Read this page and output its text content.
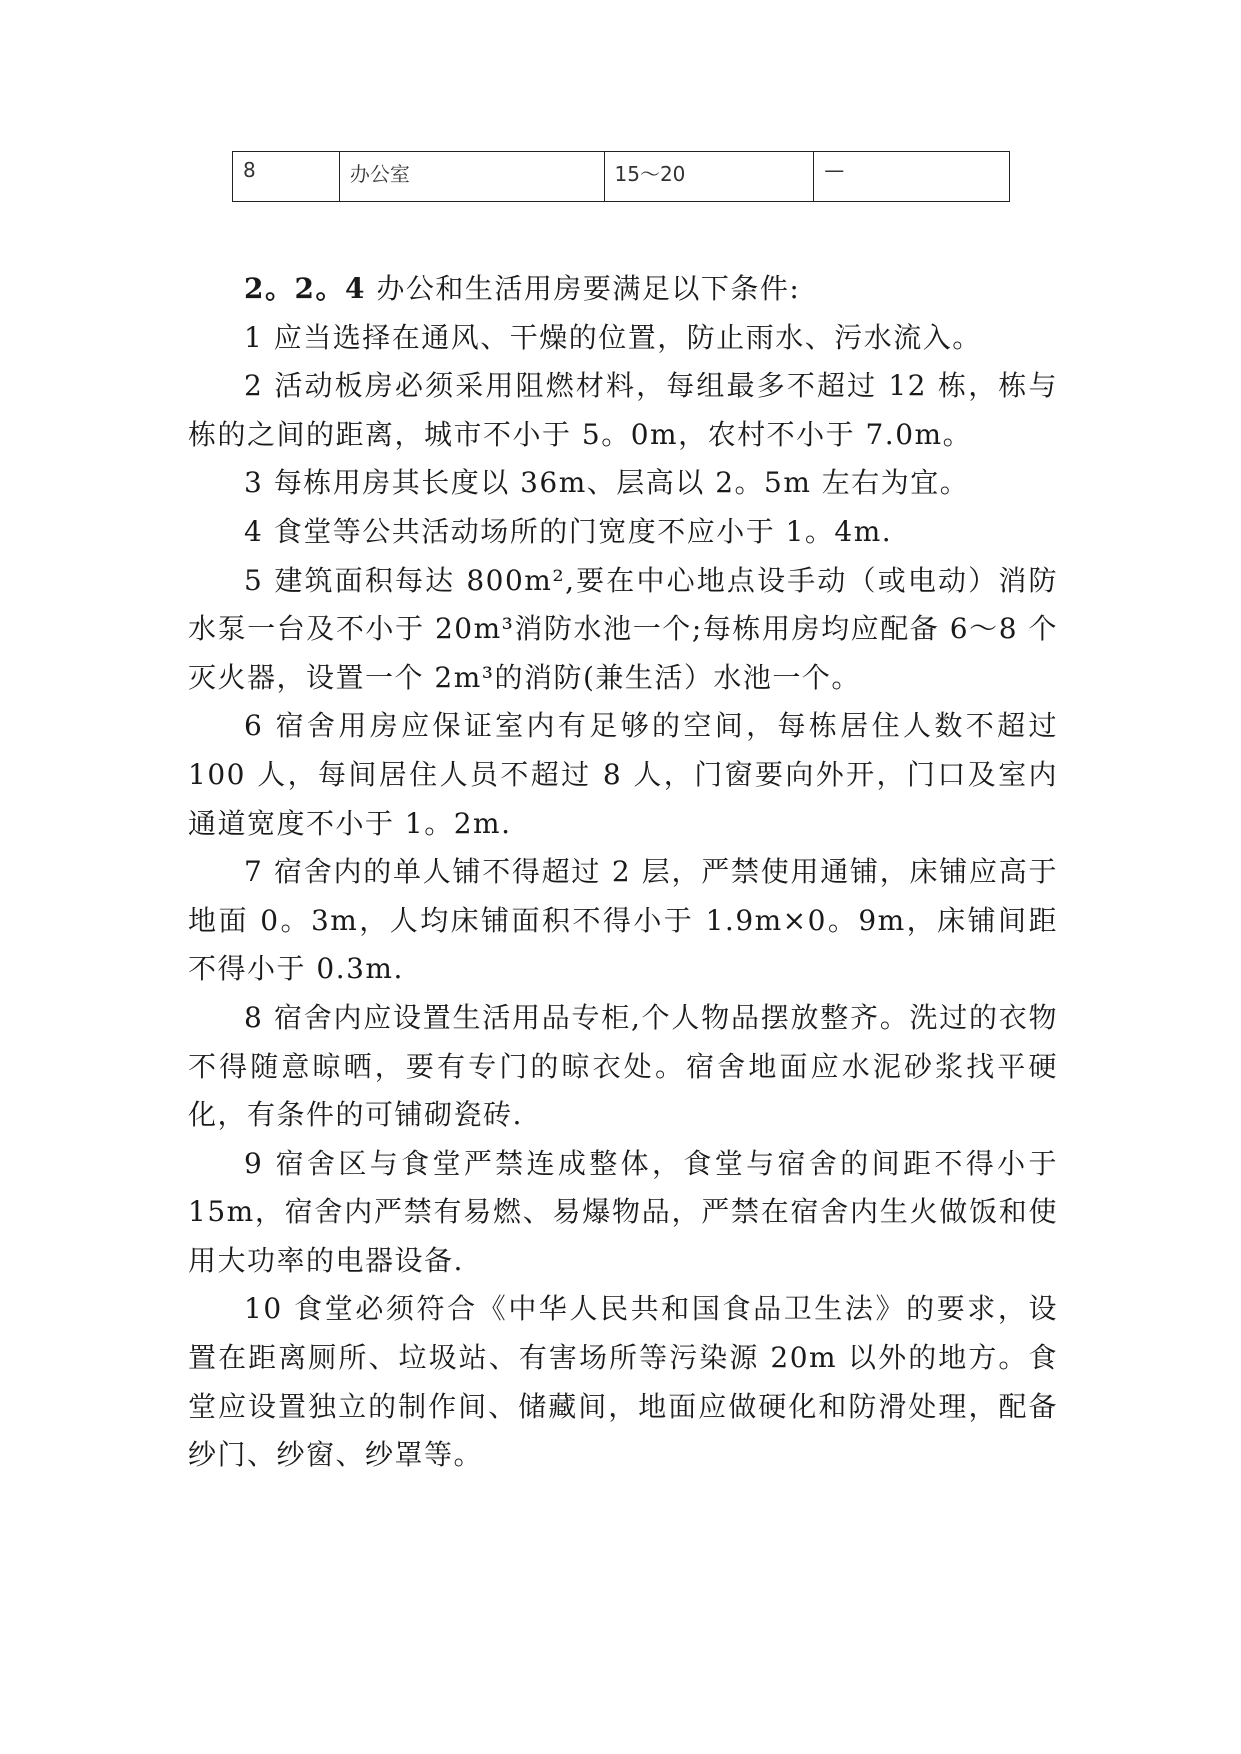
8	办公室	15～20	—

2。2。4 办公和生活用房要满足以下条件:

1 应当选择在通风、干燥的位置，防止雨水、污水流入。

2 活动板房必须采用阻燃材料，每组最多不超过 12 栋，栋与栋的之间的距离，城市不小于 5。0m，农村不小于 7.0m。

3 每栋用房其长度以 36m、层高以 2。5m 左右为宜。

4 食堂等公共活动场所的门宽度不应小于 1。4m.

5 建筑面积每达 800m²,要在中心地点设手动（或电动）消防水泵一台及不小于 20m³消防水池一个;每栋用房均应配备 6～8 个灭火器，设置一个 2m³的消防(兼生活）水池一个。

6 宿舍用房应保证室内有足够的空间，每栋居住人数不超过 100 人，每间居住人员不超过 8 人，门窗要向外开，门口及室内通道宽度不小于 1。2m.

7 宿舍内的单人铺不得超过 2 层，严禁使用通铺，床铺应高于地面 0。3m，人均床铺面积不得小于 1.9m×0。9m，床铺间距不得小于 0.3m.

8 宿舍内应设置生活用品专柜,个人物品摆放整齐。洗过的衣物不得随意晾晒，要有专门的晾衣处。宿舍地面应水泥砂浆找平硬化，有条件的可铺砌瓷砖.

9 宿舍区与食堂严禁连成整体，食堂与宿舍的间距不得小于 15m，宿舍内严禁有易燃、易爆物品，严禁在宿舍内生火做饭和使用大功率的电器设备.

10 食堂必须符合《中华人民共和国食品卫生法》的要求，设置在距离厕所、垃圾站、有害场所等污染源 20m 以外的地方。食堂应设置独立的制作间、储藏间，地面应做硬化和防滑处理，配备纱门、纱窗、纱罩等。
